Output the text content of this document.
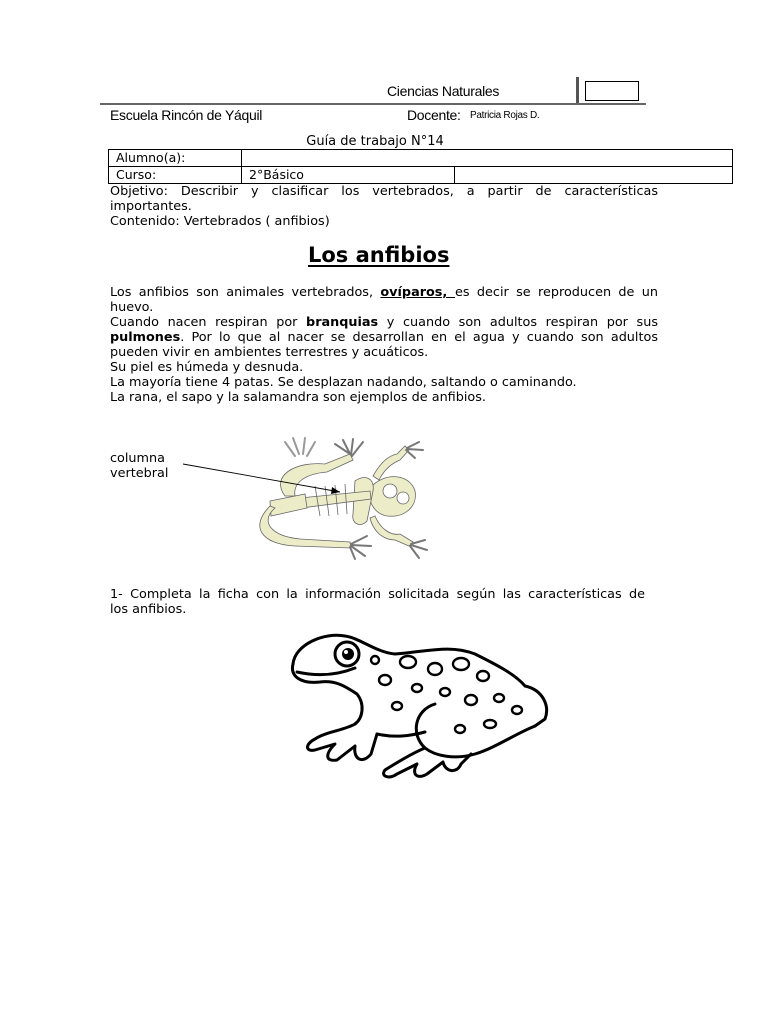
Ciencias Naturales
Escuela Rincón de Yáquil	Docente: Patricia Rojas D.
Guía de trabajo N°14
Alumno(a):		
Curso:	2°Básico	
Objetivo: Describir y clasificar los vertebrados, a partir de características
importantes.
Contenido: Vertebrados ( anfibios)
Los anfibios
Los anfibios son animales vertebrados, ovíparos, es decir se reproducen de un
huevo.
Cuando nacen respiran por branquias y cuando son adultos respiran por sus
pulmones. Por lo que al nacer se desarrollan en el agua y cuando son adultos
pueden vivir en ambientes terrestres y acuáticos.
Su piel es húmeda y desnuda.
La mayoría tiene 4 patas. Se desplazan nadando, saltando o caminando.
La rana, el sapo y la salamandra son ejemplos de anfibios.
columna
vertebral
1- Completa la ficha con la información solicitada según las características de
los anfibios.
